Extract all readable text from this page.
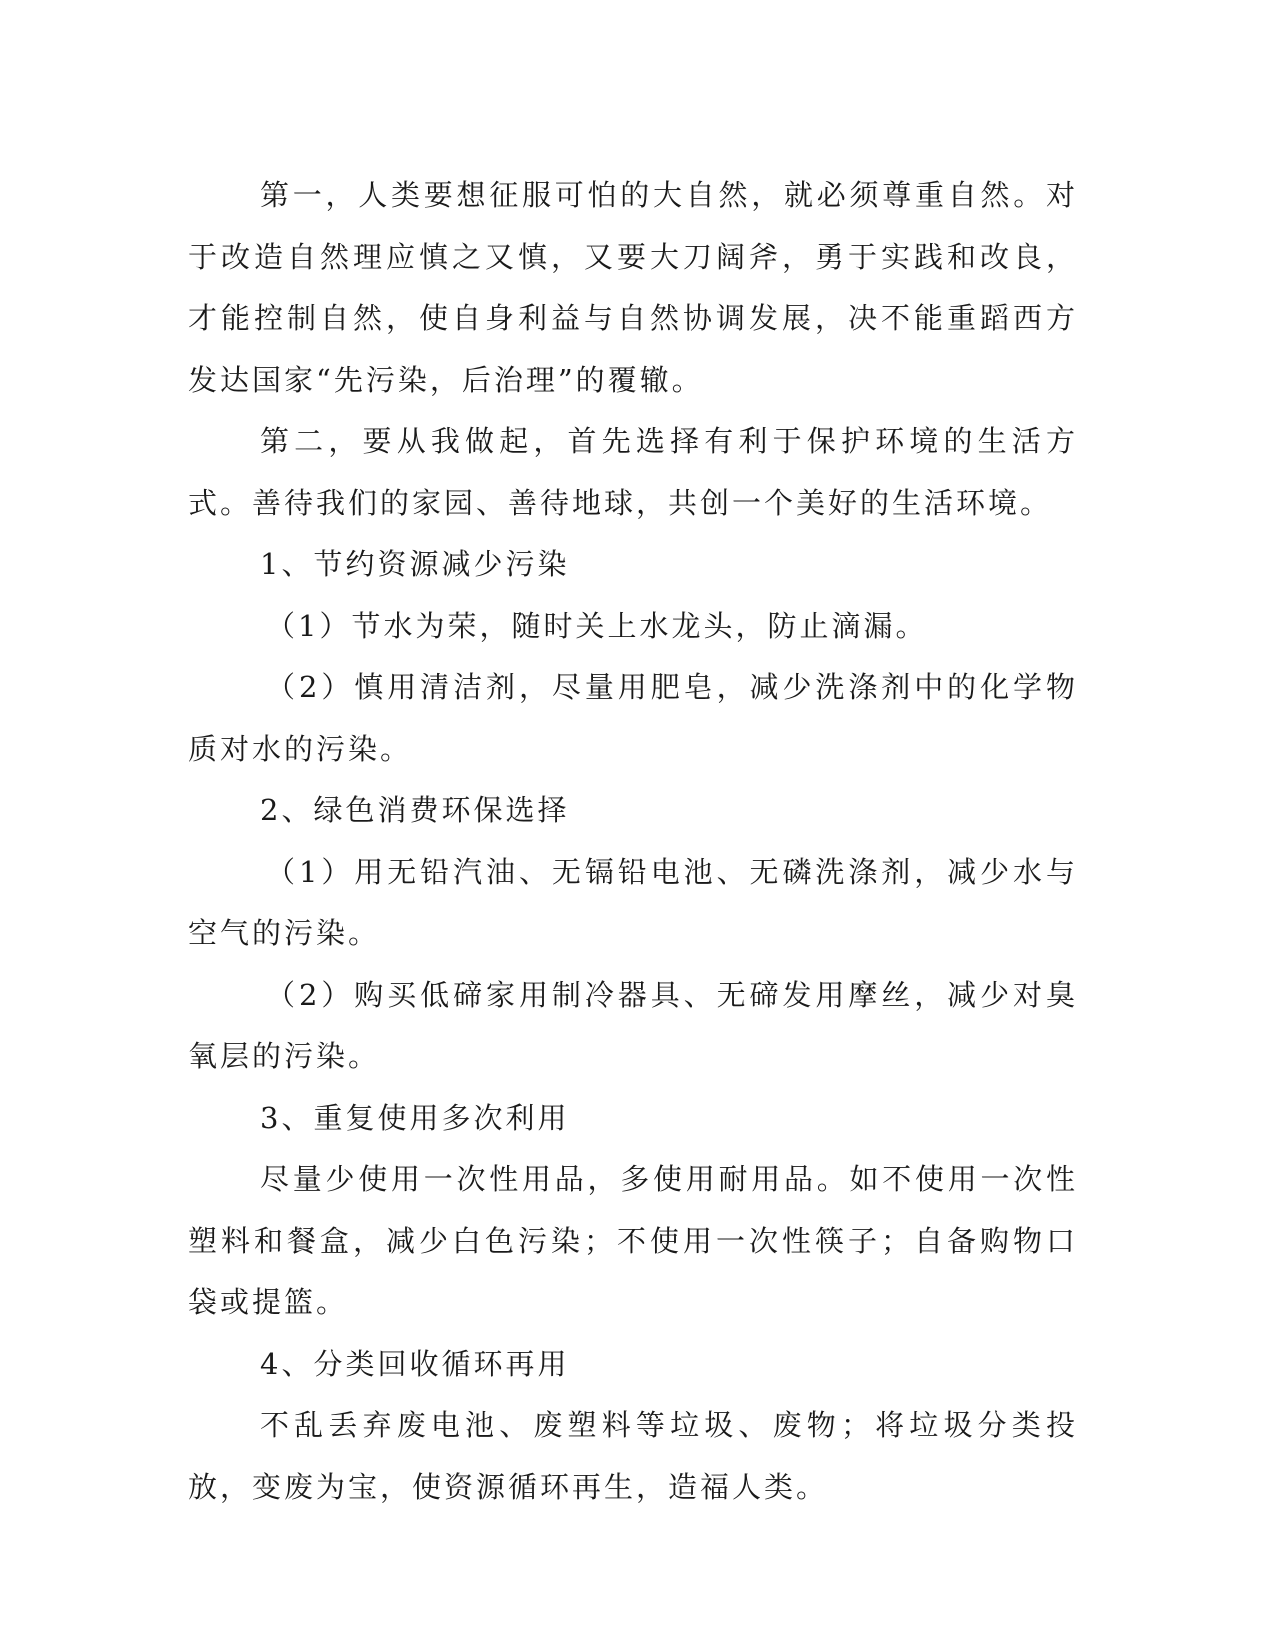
第一，人类要想征服可怕的大自然，就必须尊重自然。对于改造自然理应慎之又慎，又要大刀阔斧，勇于实践和改良，才能控制自然，使自身利益与自然协调发展，决不能重蹈西方发达国家“先污染，后治理”的覆辙。

第二，要从我做起，首先选择有利于保护环境的生活方式。善待我们的家园、善待地球，共创一个美好的生活环境。

1、节约资源减少污染

（1）节水为荣，随时关上水龙头，防止滴漏。

（2）慎用清洁剂，尽量用肥皂，减少洗涤剂中的化学物质对水的污染。

2、绿色消费环保选择

（1）用无铅汽油、无镉铅电池、无磷洗涤剂，减少水与空气的污染。

（2）购买低碲家用制冷器具、无碲发用摩丝，减少对臭氧层的污染。

3、重复使用多次利用

尽量少使用一次性用品，多使用耐用品。如不使用一次性塑料和餐盒，减少白色污染；不使用一次性筷子；自备购物口袋或提篮。

4、分类回收循环再用

不乱丢弃废电池、废塑料等垃圾、废物；将垃圾分类投放，变废为宝，使资源循环再生，造福人类。
